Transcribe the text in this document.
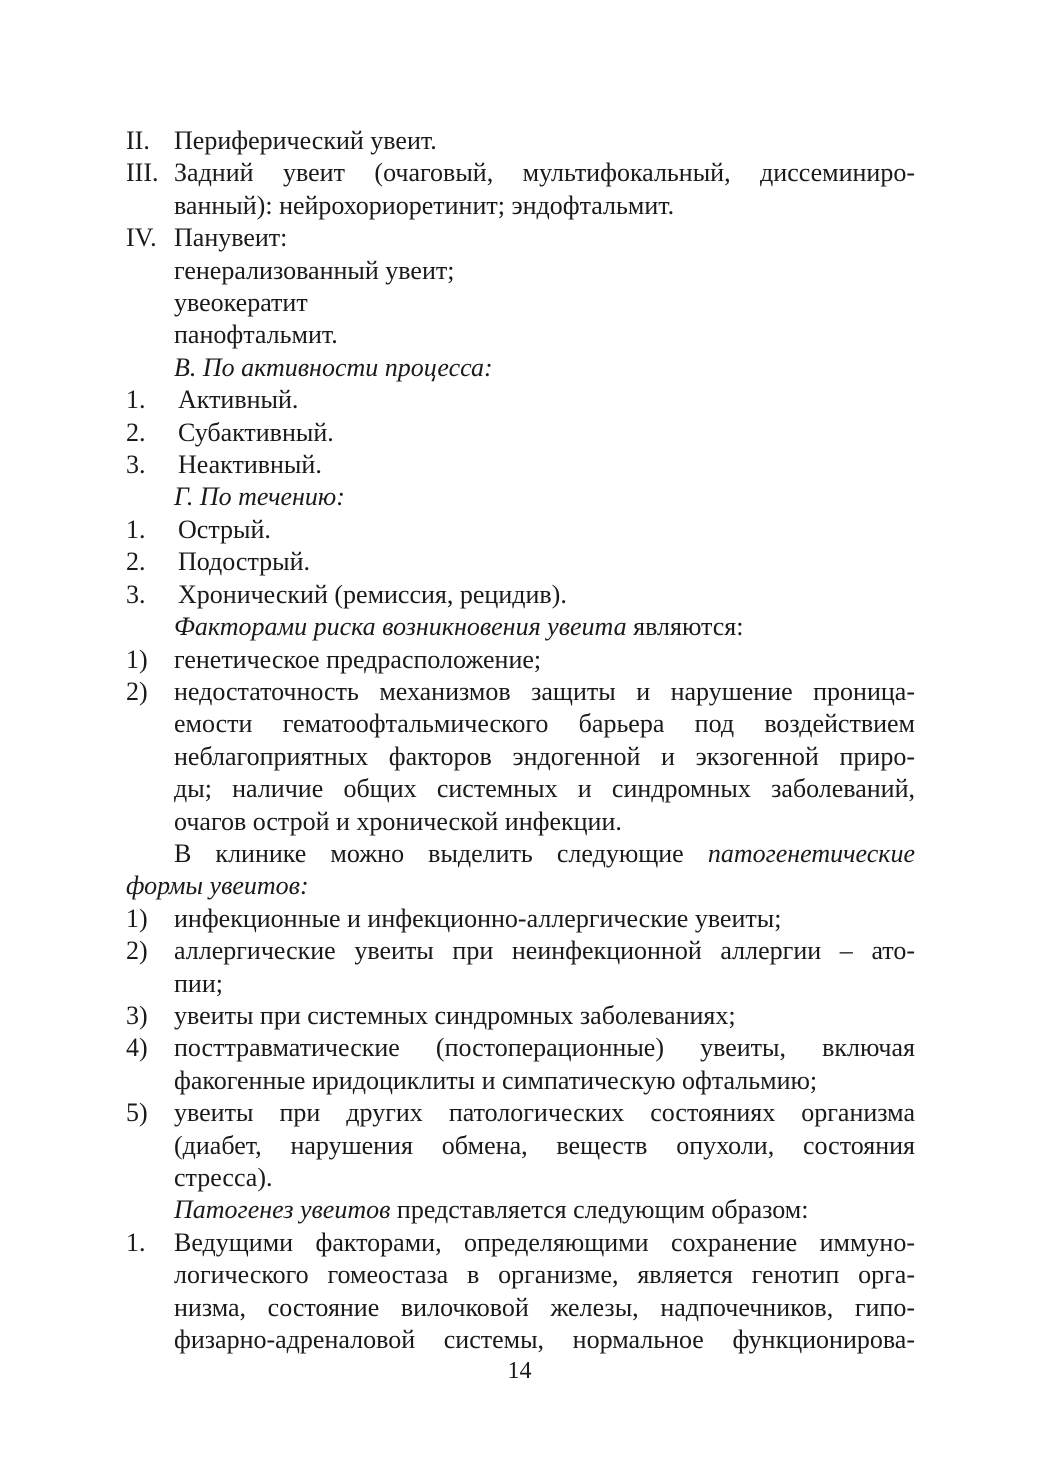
II. Периферический увеит.
III. Задний увеит (очаговый, мультифокальный, диссеминиро-
ванный): нейрохориоретинит; эндофтальмит.
IV. Панувеит:
генерализованный увеит;
увеокератит
панофтальмит.
В. По активности процесса:
1. Активный.
2. Субактивный.
3. Неактивный.
Г. По течению:
1. Острый.
2. Подострый.
3. Хронический (ремиссия, рецидив).
Факторами риска возникновения увеита являются:
1) генетическое предрасположение;
2) недостаточность механизмов защиты и нарушение проница-
емости гематоофтальмического барьера под воздействием
неблагоприятных факторов эндогенной и экзогенной приро-
ды; наличие общих системных и синдромных заболеваний,
очагов острой и хронической инфекции.
В клинике можно выделить следующие патогенетические
формы увеитов:
1) инфекционные и инфекционно-аллергические увеиты;
2) аллергические увеиты при неинфекционной аллергии – ато-
пии;
3) увеиты при системных синдромных заболеваниях;
4) посттравматические (постоперационные) увеиты, включая
факогенные иридоциклиты и симпатическую офтальмию;
5) увеиты при других патологических состояниях организма
(диабет, нарушения обмена, веществ опухоли, состояния
стресса).
Патогенез увеитов представляется следующим образом:
1. Ведущими факторами, определяющими сохранение иммуно-
логического гомеостаза в организме, является генотип орга-
низма, состояние вилочковой железы, надпочечников, гипо-
физарно-адреналовой системы, нормальное функционирова-
14
